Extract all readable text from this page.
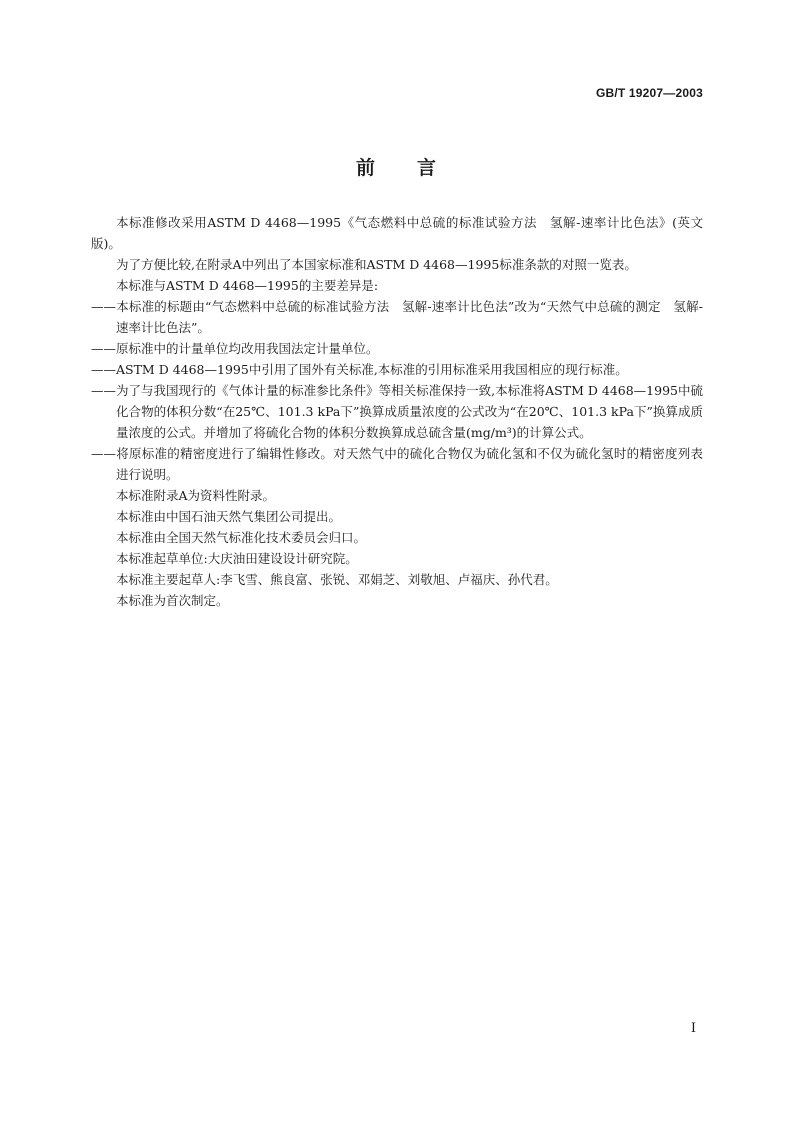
GB/T 19207—2003
前 言

本标准修改采用ASTM D 4468—1995《气态燃料中总硫的标准试验方法　氢解-速率计比色法》(英文版)。

为了方便比较,在附录A中列出了本国家标准和ASTM D 4468—1995标准条款的对照一览表。

本标准与ASTM D 4468—1995的主要差异是:

——本标准的标题由“气态燃料中总硫的标准试验方法　氢解-速率计比色法”改为“天然气中总硫的测定　氢解-速率计比色法”。

——原标准中的计量单位均改用我国法定计量单位。

——ASTM D 4468—1995中引用了国外有关标准,本标准的引用标准采用我国相应的现行标准。

——为了与我国现行的《气体计量的标准参比条件》等相关标准保持一致,本标准将ASTM D 4468—1995中硫化合物的体积分数“在25℃、101.3 kPa下”换算成质量浓度的公式改为“在20℃、101.3 kPa下”换算成质量浓度的公式。并增加了将硫化合物的体积分数换算成总硫含量(mg/m³)的计算公式。

——将原标准的精密度进行了编辑性修改。对天然气中的硫化合物仅为硫化氢和不仅为硫化氢时的精密度列表进行说明。

本标准附录A为资料性附录。

本标准由中国石油天然气集团公司提出。

本标准由全国天然气标准化技术委员会归口。

本标准起草单位:大庆油田建设设计研究院。

本标准主要起草人:李飞雪、熊良富、张锐、邓娟芝、刘敬旭、卢福庆、孙代君。

本标准为首次制定。

I
